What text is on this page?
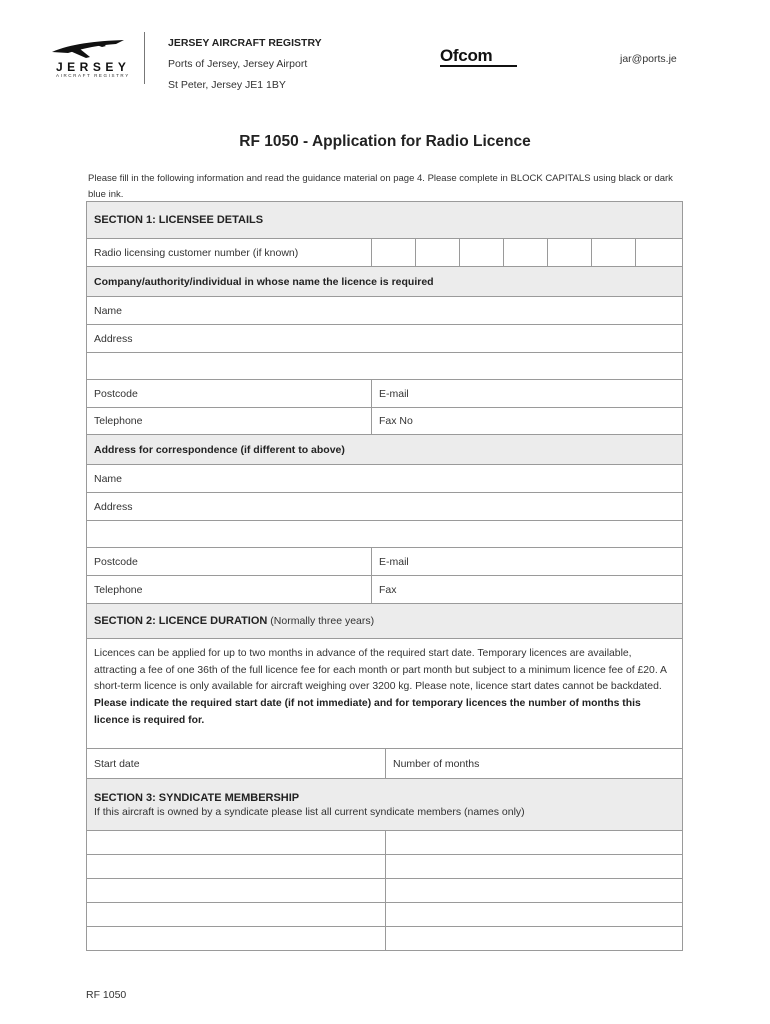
JERSEY
AIRCRAFT REGISTRY
JERSEY AIRCRAFT REGISTRY
Ports of Jersey, Jersey Airport
St Peter, Jersey JE1 1BY
Ofcom	jar@ports.je
RF 1050 - Application for Radio Licence
Please fill in the following information and read the guidance material on page 4. Please complete in BLOCK CAPITALS using black or dark blue ink.
SECTION 1: LICENSEE DETAILS
Radio licensing customer number (if known)
Company/authority/individual in whose name the licence is required
Name
Address
Postcode	E-mail
Telephone	Fax No
Address for correspondence (if different to above)
Name
Address
Postcode	E-mail
Telephone	Fax
SECTION 2: LICENCE DURATION
(Normally three years)
Licences can be applied for up to two months in advance of the required start date. Temporary licences are available, attracting a fee of one 36th of the full licence fee for each month or part month but subject to a minimum licence fee of £20. A short-term licence is only available for aircraft weighing over 3200 kg. Please note, licence start dates cannot be backdated.
Please indicate the required start date (if not immediate) and for temporary licences the number of months this licence is required for.
Start date	Number of months
SECTION 3: SYNDICATE MEMBERSHIP
If this aircraft is owned by a syndicate please list all current syndicate members (names only)
RF 1050
